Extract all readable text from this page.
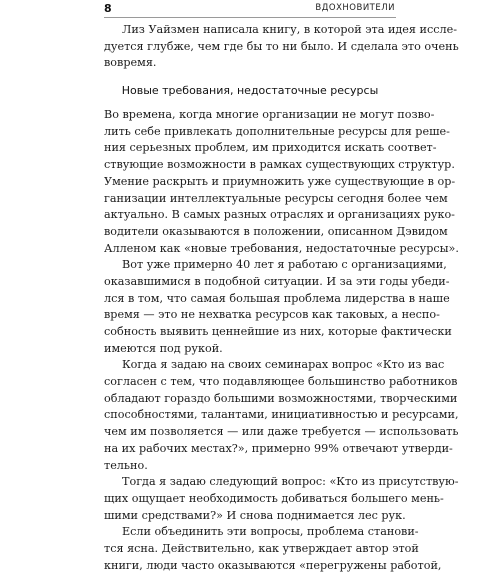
8	ВДОХНОВИТЕЛИ
Лиз Уайзмен написала книгу, в которой эта идея иссле-
дуется глубже, чем где бы то ни было. И сделала это очень
вовремя.
Новые требования, недостаточные ресурсы
Во времена, когда многие организации не могут позво-
лить себе привлекать дополнительные ресурсы для реше-
ния серьезных проблем, им приходится искать соответ-
ствующие возможности в рамках существующих структур.
Умение раскрыть и приумножить уже существующие в ор-
ганизации интеллектуальные ресурсы сегодня более чем
актуально. В самых разных отраслях и организациях руко-
водители оказываются в положении, описанном Дэвидом
Алленом как «новые требования, недостаточные ресурсы».
Вот уже примерно 40 лет я работаю с организациями,
оказавшимися в подобной ситуации. И за эти годы убеди-
лся в том, что самая большая проблема лидерства в наше
время — это не нехватка ресурсов как таковых, а неспо-
собность выявить ценнейшие из них, которые фактически
имеются под рукой.
Когда я задаю на своих семинарах вопрос «Кто из вас
согласен с тем, что подавляющее большинство работников
обладают гораздо большими возможностями, творческими
способностями, талантами, инициативностью и ресурсами,
чем им позволяется — или даже требуется — использовать
на их рабочих местах?», примерно 99% отвечают утверди-
тельно.
Тогда я задаю следующий вопрос: «Кто из присутствую-
щих ощущает необходимость добиваться большего мень-
шими средствами?» И снова поднимается лес рук.
Если объединить эти вопросы, проблема станови-
тся ясна. Действительно, как утверждает автор этой
книги, люди часто оказываются «перегружены работой,
